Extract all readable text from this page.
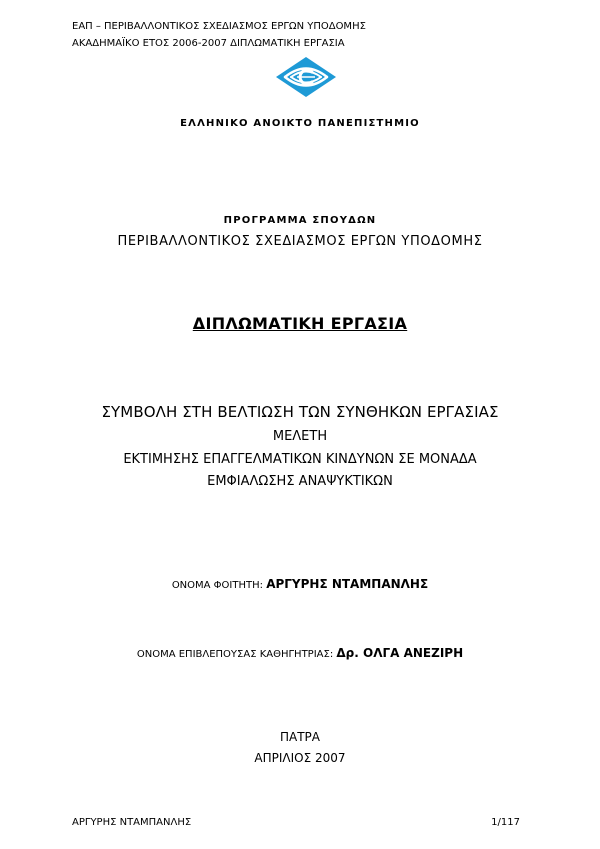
ΕΑΠ – ΠΕΡΙΒΑΛΛΟΝΤΙΚΟΣ ΣΧΕΔΙΑΣΜΟΣ ΕΡΓΩΝ ΥΠΟΔΟΜΗΣ
ΑΚΑΔΗΜΑΪΚΟ ΕΤΟΣ 2006-2007 ΔΙΠΛΩΜΑΤΙΚΗ ΕΡΓΑΣΙΑ
ΕΛΛΗΝΙΚΟ ΑΝΟΙΚΤΟ ΠΑΝΕΠΙΣΤΗΜΙΟ
ΠΡΟΓΡΑΜΜΑ ΣΠΟΥΔΩΝ
ΠΕΡΙΒΑΛΛΟΝΤΙΚΟΣ ΣΧΕΔΙΑΣΜΟΣ ΕΡΓΩΝ ΥΠΟΔΟΜΗΣ
ΔΙΠΛΩΜΑΤΙΚΗ ΕΡΓΑΣΙΑ
ΣΥΜΒΟΛΗ ΣΤΗ ΒΕΛΤΙΩΣΗ ΤΩΝ ΣΥΝΘΗΚΩΝ ΕΡΓΑΣΙΑΣ
ΜΕΛΕΤΗ
ΕΚΤΙΜΗΣΗΣ ΕΠΑΓΓΕΛΜΑΤΙΚΩΝ ΚΙΝΔΥΝΩΝ ΣΕ ΜΟΝΑΔΑ
ΕΜΦΙΑΛΩΣΗΣ ΑΝΑΨΥΚΤΙΚΩΝ
ΟΝΟΜΑ ΦΟΙΤΗΤΗ: ΑΡΓΥΡΗΣ ΝΤΑΜΠΑΝΛΗΣ
ΟΝΟΜΑ ΕΠΙΒΛΕΠΟΥΣΑΣ ΚΑΘΗΓΗΤΡΙΑΣ: Δρ. ΟΛΓΑ ΑΝΕΖΙΡΗ
ΠΑΤΡΑ
ΑΠΡΙΛΙΟΣ 2007
ΑΡΓΥΡΗΣ ΝΤΑΜΠΑΝΛΗΣ	1/117
